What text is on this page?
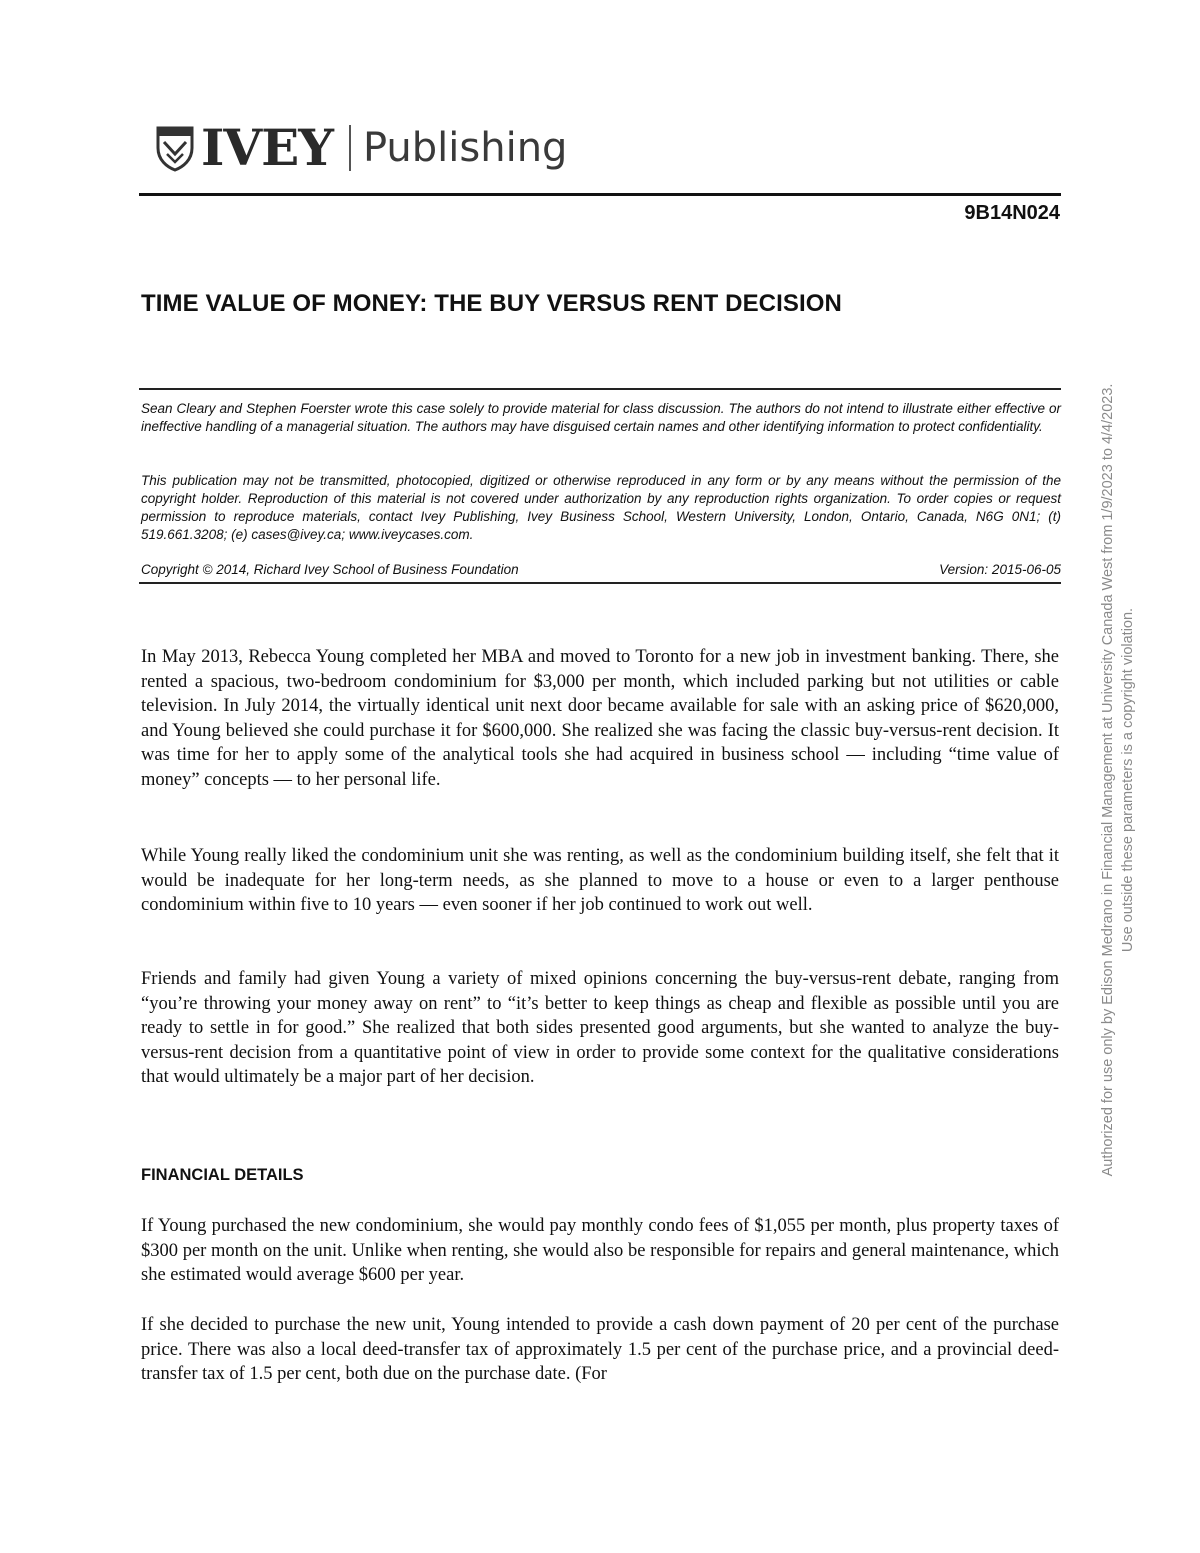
IVEY Publishing
9B14N024
TIME VALUE OF MONEY: THE BUY VERSUS RENT DECISION

Sean Cleary and Stephen Foerster wrote this case solely to provide material for class discussion. The authors do not intend to illustrate either effective or ineffective handling of a managerial situation. The authors may have disguised certain names and other identifying information to protect confidentiality.

This publication may not be transmitted, photocopied, digitized or otherwise reproduced in any form or by any means without the permission of the copyright holder. Reproduction of this material is not covered under authorization by any reproduction rights organization. To order copies or request permission to reproduce materials, contact Ivey Publishing, Ivey Business School, Western University, London, Ontario, Canada, N6G 0N1; (t) 519.661.3208; (e) cases@ivey.ca; www.iveycases.com.

Copyright © 2014, Richard Ivey School of Business Foundation	Version: 2015-06-05

In May 2013, Rebecca Young completed her MBA and moved to Toronto for a new job in investment banking. There, she rented a spacious, two-bedroom condominium for $3,000 per month, which included parking but not utilities or cable television. In July 2014, the virtually identical unit next door became available for sale with an asking price of $620,000, and Young believed she could purchase it for $600,000. She realized she was facing the classic buy-versus-rent decision. It was time for her to apply some of the analytical tools she had acquired in business school — including “time value of money” concepts — to her personal life.

While Young really liked the condominium unit she was renting, as well as the condominium building itself, she felt that it would be inadequate for her long-term needs, as she planned to move to a house or even to a larger penthouse condominium within five to 10 years — even sooner if her job continued to work out well.

Friends and family had given Young a variety of mixed opinions concerning the buy-versus-rent debate, ranging from “you’re throwing your money away on rent” to “it’s better to keep things as cheap and flexible as possible until you are ready to settle in for good.” She realized that both sides presented good arguments, but she wanted to analyze the buy-versus-rent decision from a quantitative point of view in order to provide some context for the qualitative considerations that would ultimately be a major part of her decision.

FINANCIAL DETAILS

If Young purchased the new condominium, she would pay monthly condo fees of $1,055 per month, plus property taxes of $300 per month on the unit. Unlike when renting, she would also be responsible for repairs and general maintenance, which she estimated would average $600 per year.

If she decided to purchase the new unit, Young intended to provide a cash down payment of 20 per cent of the purchase price. There was also a local deed-transfer tax of approximately 1.5 per cent of the purchase price, and a provincial deed-transfer tax of 1.5 per cent, both due on the purchase date. (For

Authorized for use only by Edison Medrano in Financial Management at University Canada West from 1/9/2023 to 4/4/2023. Use outside these parameters is a copyright violation.
